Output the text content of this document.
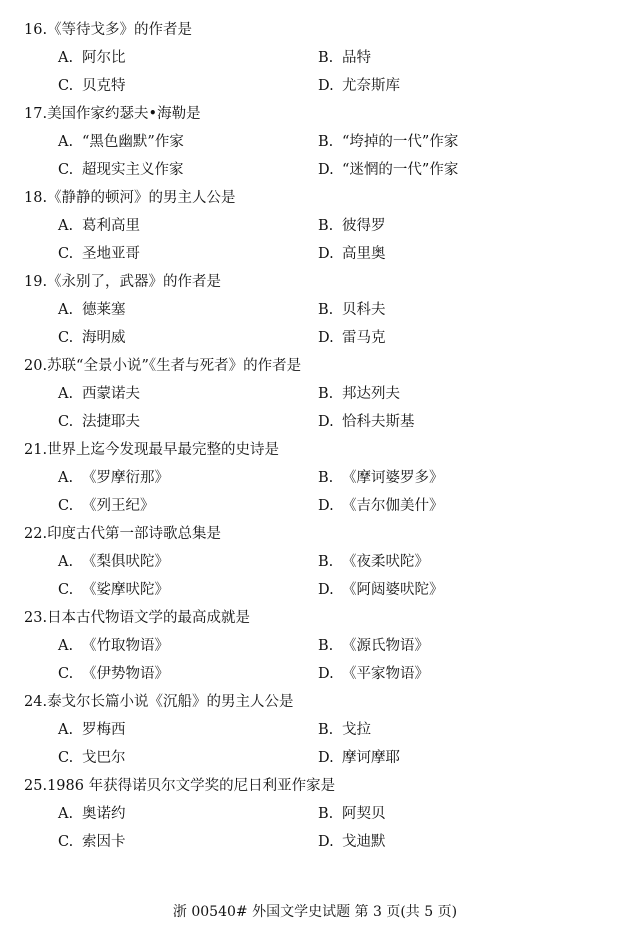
16.《等待戈多》的作者是
A. 阿尔比	B. 品特
C. 贝克特	D. 尤奈斯库
17.美国作家约瑟夫•海勒是
A. “黑色幽默”作家	B. “垮掉的一代”作家
C. 超现实主义作家	D. “迷惘的一代”作家
18.《静静的顿河》的男主人公是
A. 葛利高里	B. 彼得罗
C. 圣地亚哥	D. 高里奥
19.《永别了，武器》的作者是
A. 德莱塞	B. 贝科夫
C. 海明威	D. 雷马克
20.苏联“全景小说”《生者与死者》的作者是
A. 西蒙诺夫	B. 邦达列夫
C. 法捷耶夫	D. 恰科夫斯基
21.世界上迄今发现最早最完整的史诗是
A. 《罗摩衍那》	B. 《摩诃婆罗多》
C. 《列王纪》	D. 《吉尔伽美什》
22.印度古代第一部诗歌总集是
A. 《梨俱吠陀》	B. 《夜柔吠陀》
C. 《娑摩吠陀》	D. 《阿闼婆吠陀》
23.日本古代物语文学的最高成就是
A. 《竹取物语》	B. 《源氏物语》
C. 《伊势物语》	D. 《平家物语》
24.泰戈尔长篇小说《沉船》的男主人公是
A. 罗梅西	B. 戈拉
C. 戈巴尔	D. 摩诃摩耶
25.1986 年获得诺贝尔文学奖的尼日利亚作家是
A. 奥诺约	B. 阿契贝
C. 索因卡	D. 戈迪默
浙 00540# 外国文学史试题 第 3 页(共 5 页)
